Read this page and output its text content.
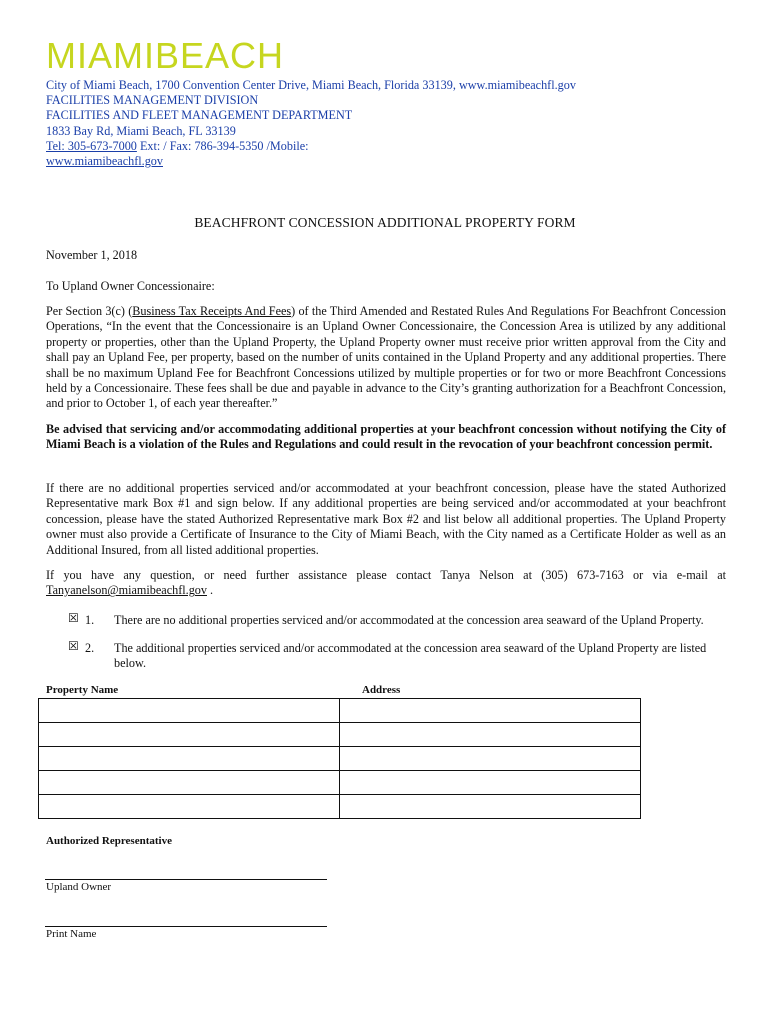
MIAMIBEACH
City of Miami Beach, 1700 Convention Center Drive, Miami Beach, Florida 33139, www.miamibeachfl.gov
FACILITIES MANAGEMENT DIVISION
FACILITIES AND FLEET MANAGEMENT DEPARTMENT
1833 Bay Rd, Miami Beach, FL 33139
Tel: 305-673-7000 Ext: / Fax: 786-394-5350 /Mobile:
www.miamibeachfl.gov
BEACHFRONT CONCESSION ADDITIONAL PROPERTY FORM
November 1, 2018
To Upland Owner Concessionaire:
Per Section 3(c) (Business Tax Receipts And Fees) of the Third Amended and Restated Rules And Regulations For Beachfront Concession Operations, “In the event that the Concessionaire is an Upland Owner Concessionaire, the Concession Area is utilized by any additional property or properties, other than the Upland Property, the Upland Property owner must receive prior written approval from the City and shall pay an Upland Fee, per property, based on the number of units contained in the Upland Property and any additional properties. There shall be no maximum Upland Fee for Beachfront Concessions utilized by multiple properties or for two or more Beachfront Concessions held by a Concessionaire. These fees shall be due and payable in advance to the City’s granting authorization for a Beachfront Concession, and prior to October 1, of each year thereafter.”
Be advised that servicing and/or accommodating additional properties at your beachfront concession without notifying the City of Miami Beach is a violation of the Rules and Regulations and could result in the revocation of your beachfront concession permit.
If there are no additional properties serviced and/or accommodated at your beachfront concession, please have the stated Authorized Representative mark Box #1 and sign below. If any additional properties are being serviced and/or accommodated at your beachfront concession, please have the stated Authorized Representative mark Box #2 and list below all additional properties. The Upland Property owner must also provide a Certificate of Insurance to the City of Miami Beach, with the City named as a Certificate Holder as well as an Additional Insured, from all listed additional properties.
If you have any question, or need further assistance please contact Tanya Nelson at (305) 673-7163 or via e-mail at Tanyanelson@miamibeachfl.gov .
☒ 1. There are no additional properties serviced and/or accommodated at the concession area seaward of the Upland Property.
☒ 2. The additional properties serviced and/or accommodated at the concession area seaward of the Upland Property are listed below.
Property Name	Address

Authorized Representative
Upland Owner
Print Name
